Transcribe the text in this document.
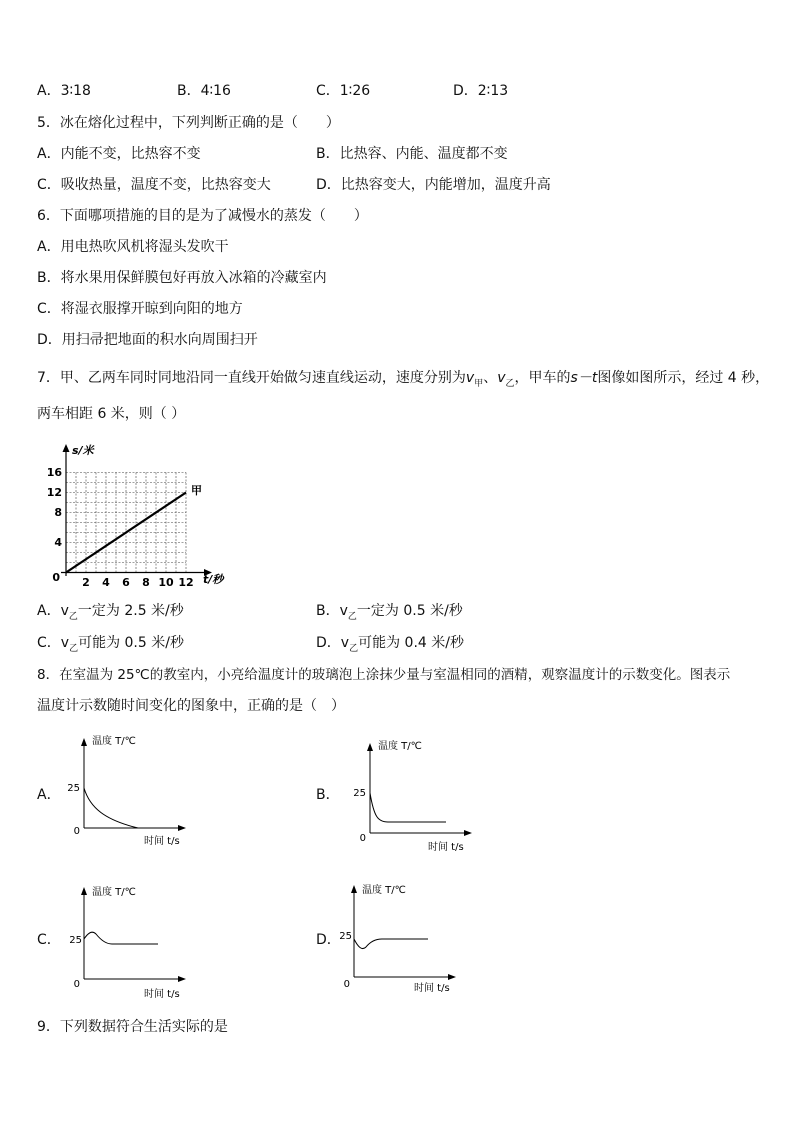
A．3∶18	B．4∶16	C．1∶26	D．2∶13
5．冰在熔化过程中，下列判断正确的是（　　）
A．内能不变，比热容不变	B．比热容、内能、温度都不变
C．吸收热量，温度不变，比热容变大	D．比热容变大，内能增加，温度升高
6．下面哪项措施的目的是为了减慢水的蒸发（　　）
A．用电热吹风机将湿头发吹干
B．将水果用保鲜膜包好再放入冰箱的冷藏室内
C．将湿衣服撑开晾到向阳的地方
D．用扫帚把地面的积水向周围扫开
7．甲、乙两车同时同地沿同一直线开始做匀速直线运动，速度分别为$v_甲$、$v_乙$，甲车的s－t图像如图所示，经过 4 秒，
两车相距 6 米，则（ ）
s/米
16
12
8
4
0 2 4 6 8 10 12 t/秒
甲
A．$v_乙$一定为 2.5 米/秒	B．$v_乙$一定为 0.5 米/秒
C．$v_乙$可能为 0.5 米/秒	D．$v_乙$可能为 0.4 米/秒
8．在室温为 25℃的教室内，小亮给温度计的玻璃泡上涂抹少量与室温相同的酒精，观察温度计的示数变化。图表示
温度计示数随时间变化的图象中，正确的是（　）
A．	B．
C．	D．
温度 T/℃
25
0
时间 t/s
温度 T/℃
25
0
时间 t/s
温度 T/℃
25
0
时间 t/s
温度 T/℃
25
0	时间 t/s
9．下列数据符合生活实际的是
